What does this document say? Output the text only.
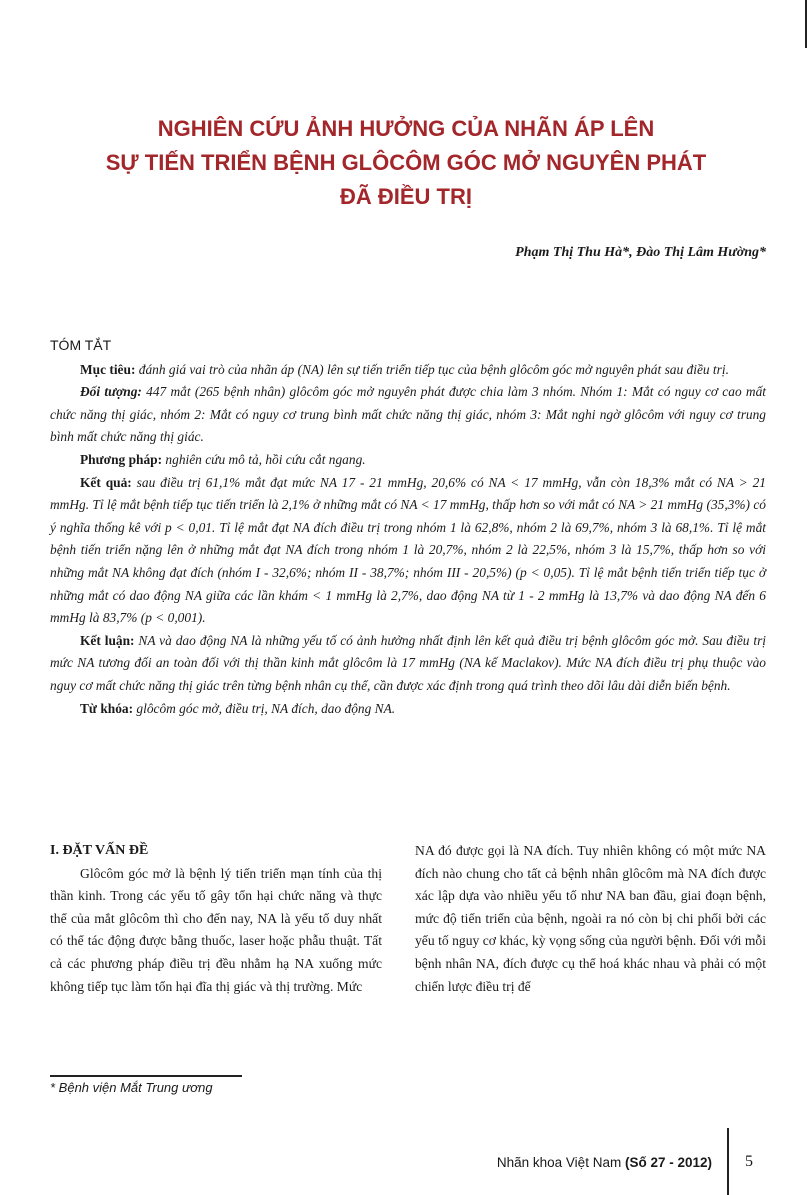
NGHIÊN CỨU ẢNH HƯỞNG CỦA NHÃN ÁP LÊN
SỰ TIẾN TRIỂN BỆNH GLÔCÔM GÓC MỞ NGUYÊN PHÁT
ĐÃ ĐIỀU TRỊ
Phạm Thị Thu Hà*, Đào Thị Lâm Hường*
TÓM TẮT

Mục tiêu: đánh giá vai trò của nhãn áp (NA) lên sự tiến triển tiếp tục của bệnh glôcôm góc mở nguyên phát sau điều trị.

Đối tượng: 447 mắt (265 bệnh nhân) glôcôm góc mở nguyên phát được chia làm 3 nhóm. Nhóm 1: Mắt có nguy cơ cao mất chức năng thị giác, nhóm 2: Mắt có nguy cơ trung bình mất chức năng thị giác, nhóm 3: Mắt nghi ngờ glôcôm với nguy cơ trung bình mất chức năng thị giác.

Phương pháp: nghiên cứu mô tả, hồi cứu cắt ngang.

Kết quả: sau điều trị 61,1% mắt đạt mức NA 17 - 21 mmHg, 20,6% có NA < 17 mmHg, vẫn còn 18,3% mắt có NA > 21 mmHg. Tỉ lệ mắt bệnh tiếp tục tiến triển là 2,1% ở những mắt có NA < 17 mmHg, thấp hơn so với mắt có NA > 21 mmHg (35,3%) có ý nghĩa thống kê với p < 0,01. Tỉ lệ mắt đạt NA đích điều trị trong nhóm 1 là 62,8%, nhóm 2 là 69,7%, nhóm 3 là 68,1%. Tỉ lệ mắt bệnh tiến triển nặng lên ở những mắt đạt NA đích trong nhóm 1 là 20,7%, nhóm 2 là 22,5%, nhóm 3 là 15,7%, thấp hơn so với những mắt NA không đạt đích (nhóm I - 32,6%; nhóm II - 38,7%; nhóm III - 20,5%) (p < 0,05). Tỉ lệ mắt bệnh tiến triển tiếp tục ở những mắt có dao động NA giữa các lần khám < 1 mmHg là 2,7%, dao động NA từ 1 - 2 mmHg là 13,7% và dao động NA đến 6 mmHg là 83,7% (p < 0,001).

Kết luận: NA và dao động NA là những yếu tố có ảnh hưởng nhất định lên kết quả điều trị bệnh glôcôm góc mở. Sau điều trị mức NA tương đối an toàn đối với thị thần kinh mắt glôcôm là 17 mmHg (NA kế Maclakov). Mức NA đích điều trị phụ thuộc vào nguy cơ mất chức năng thị giác trên từng bệnh nhân cụ thể, cần được xác định trong quá trình theo dõi lâu dài diễn biến bệnh.

Từ khóa: glôcôm góc mở, điều trị, NA đích, dao động NA.

I. ĐẶT VẤN ĐỀ

Glôcôm góc mở là bệnh lý tiến triển mạn tính của thị thần kinh. Trong các yếu tố gây tổn hại chức năng và thực thể của mắt glôcôm thì cho đến nay, NA là yếu tố duy nhất có thể tác động được bằng thuốc, laser hoặc phẫu thuật. Tất cả các phương pháp điều trị đều nhằm hạ NA xuống mức không tiếp tục làm tổn hại đĩa thị giác và thị trường. Mức

NA đó được gọi là NA đích. Tuy nhiên không có một mức NA đích nào chung cho tất cả bệnh nhân glôcôm mà NA đích được xác lập dựa vào nhiều yếu tố như NA ban đầu, giai đoạn bệnh, mức độ tiến triển của bệnh, ngoài ra nó còn bị chi phối bởi các yếu tố nguy cơ khác, kỳ vọng sống của người bệnh. Đối với mỗi bệnh nhân NA, đích được cụ thể hoá khác nhau và phải có một chiến lược điều trị để

* Bệnh viện Mắt Trung ương
Nhãn khoa Việt Nam (Số 27 - 2012) 5
